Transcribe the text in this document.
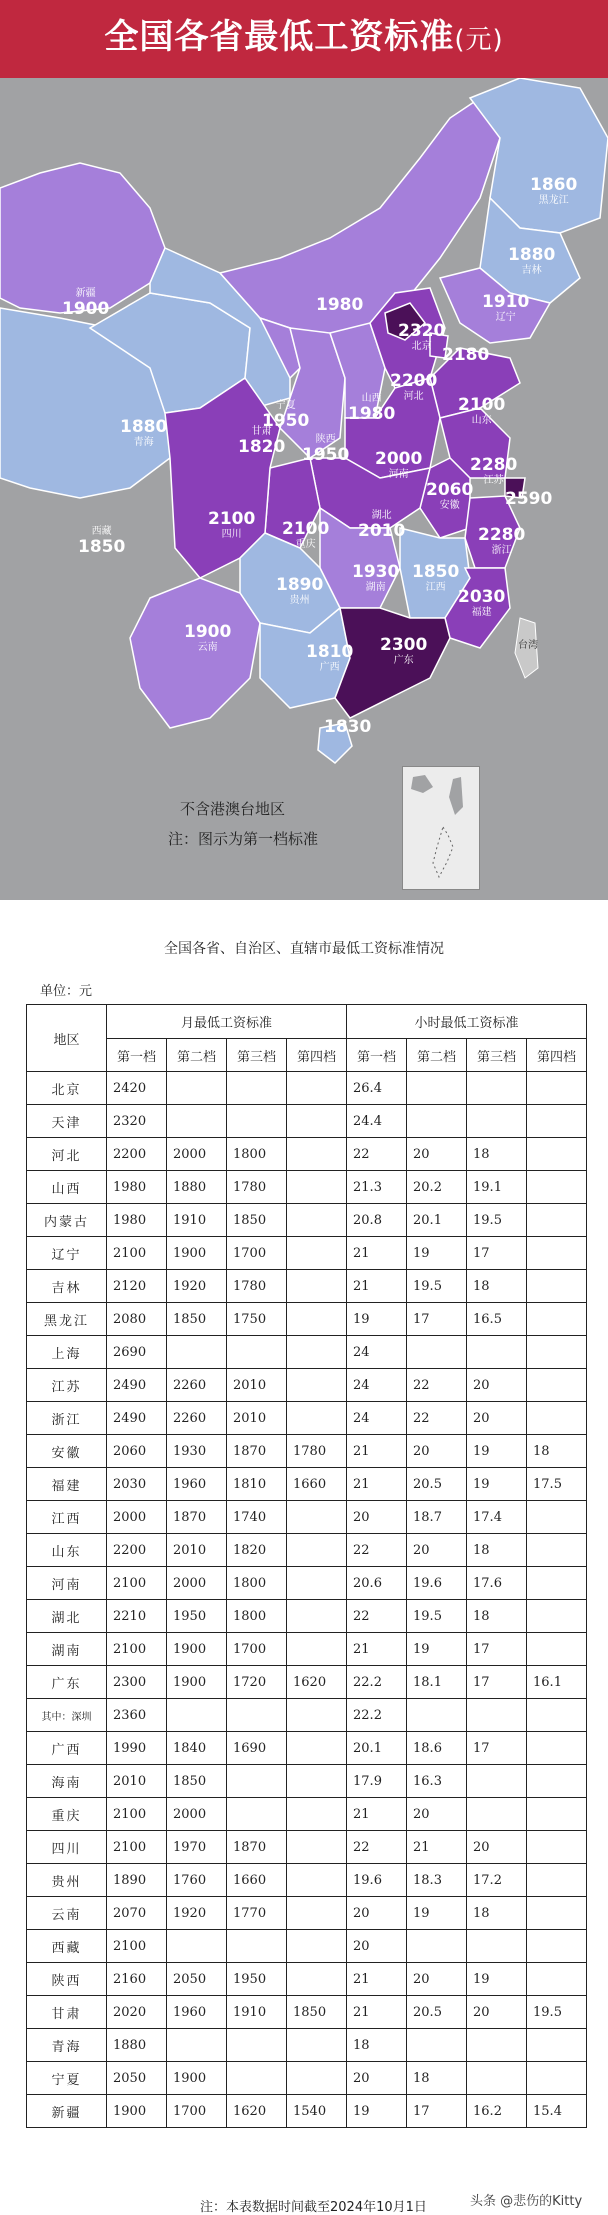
全国各省最低工资标准(元)
1860
黑龙江
1880
吉林
1910
辽宁
新疆
1900	1980
2320
北京 2180
2200
河北
山西
1980	2100
山东
宁夏
1950
甘肃
1820	陕西
1950
1880
青海
2000
河南	2280
江苏
2590
2060
安徽
西藏
1850
2100
四川	2100
重庆
湖北
2010	2280
浙江
1890
贵州
1930
湖南
1850
江西 2030
福建
1900
云南	1810
广西
2300
广东
1830
台湾
不含港澳台地区
注：图示为第一档标准
全国各省、自治区、直辖市最低工资标准情况
单位：元
地区	月最低工资标准				小时最低工资标准			
	第一档	第二档	第三档	第四档	第一档	第二档	第三档	第四档
北京	2420				26.4			
天津	2320				24.4			
河北	2200	2000	1800		22	20	18	
山西	1980	1880	1780		21.3	20.2	19.1	
内蒙古	1980	1910	1850		20.8	20.1	19.5	
辽宁	2100	1900	1700		21	19	17	
吉林	2120	1920	1780		21	19.5	18	
黑龙江	2080	1850	1750		19	17	16.5	
上海	2690				24			
江苏	2490	2260	2010		24	22	20	
浙江	2490	2260	2010		24	22	20	
安徽	2060	1930	1870	1780	21	20	19	18
福建	2030	1960	1810	1660	21	20.5	19	17.5
江西	2000	1870	1740		20	18.7	17.4	
山东	2200	2010	1820		22	20	18	
河南	2100	2000	1800		20.6	19.6	17.6	
湖北	2210	1950	1800		22	19.5	18	
湖南	2100	1900	1700		21	19	17	
广东	2300	1900	1720	1620	22.2	18.1	17	16.1
其中：深圳	2360				22.2			
广西	1990	1840	1690		20.1	18.6	17	
海南	2010	1850			17.9	16.3		
重庆	2100	2000			21	20		
四川	2100	1970	1870		22	21	20	
贵州	1890	1760	1660		19.6	18.3	17.2	
云南	2070	1920	1770		20	19	18	
西藏	2100				20			
陕西	2160	2050	1950		21	20	19	
甘肃	2020	1960	1910	1850	21	20.5	20	19.5
青海	1880				18			
宁夏	2050	1900			20	18		
新疆	1900	1700	1620	1540	19	17	16.2	15.4
注：本表数据时间截至2024年10月1日	头条 @悲伤的Kitty
